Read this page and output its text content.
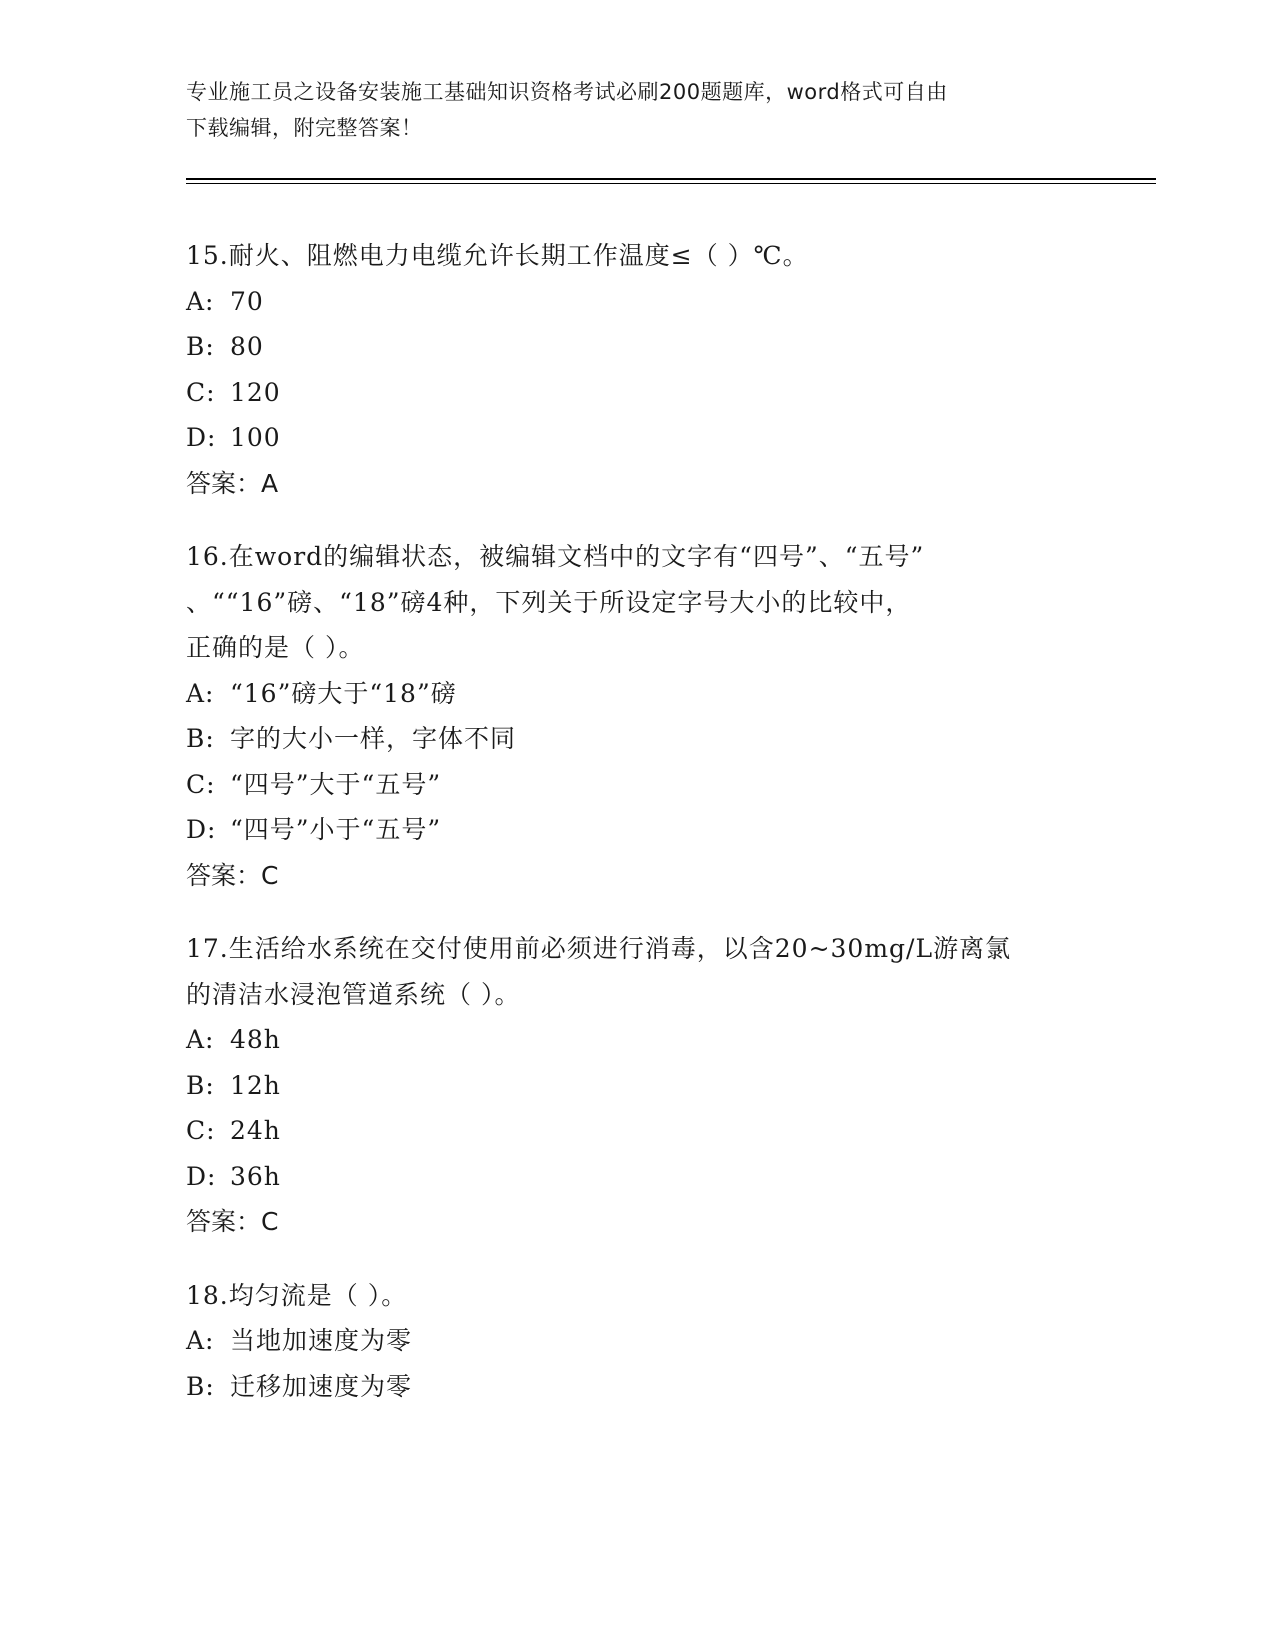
专业施工员之设备安装施工基础知识资格考试必刷200题题库，word格式可自由
下载编辑，附完整答案！
15.耐火、阻燃电力电缆允许长期工作温度≤（ ）℃。
A: 70
B: 80
C: 120
D: 100
答案：A
16.在word的编辑状态，被编辑文档中的文字有“四号”、“五号”
、““16”磅、“18”磅4种，下列关于所设定字号大小的比较中，
正确的是（ ）。
A: “16”磅大于“18”磅
B: 字的大小一样，字体不同
C: “四号”大于“五号”
D: “四号”小于“五号”
答案：C
17.生活给水系统在交付使用前必须进行消毒，以含20~30mg/L游离氯
的清洁水浸泡管道系统（ ）。
A: 48h
B: 12h
C: 24h
D: 36h
答案：C
18.均匀流是（ ）。
A: 当地加速度为零
B: 迁移加速度为零
